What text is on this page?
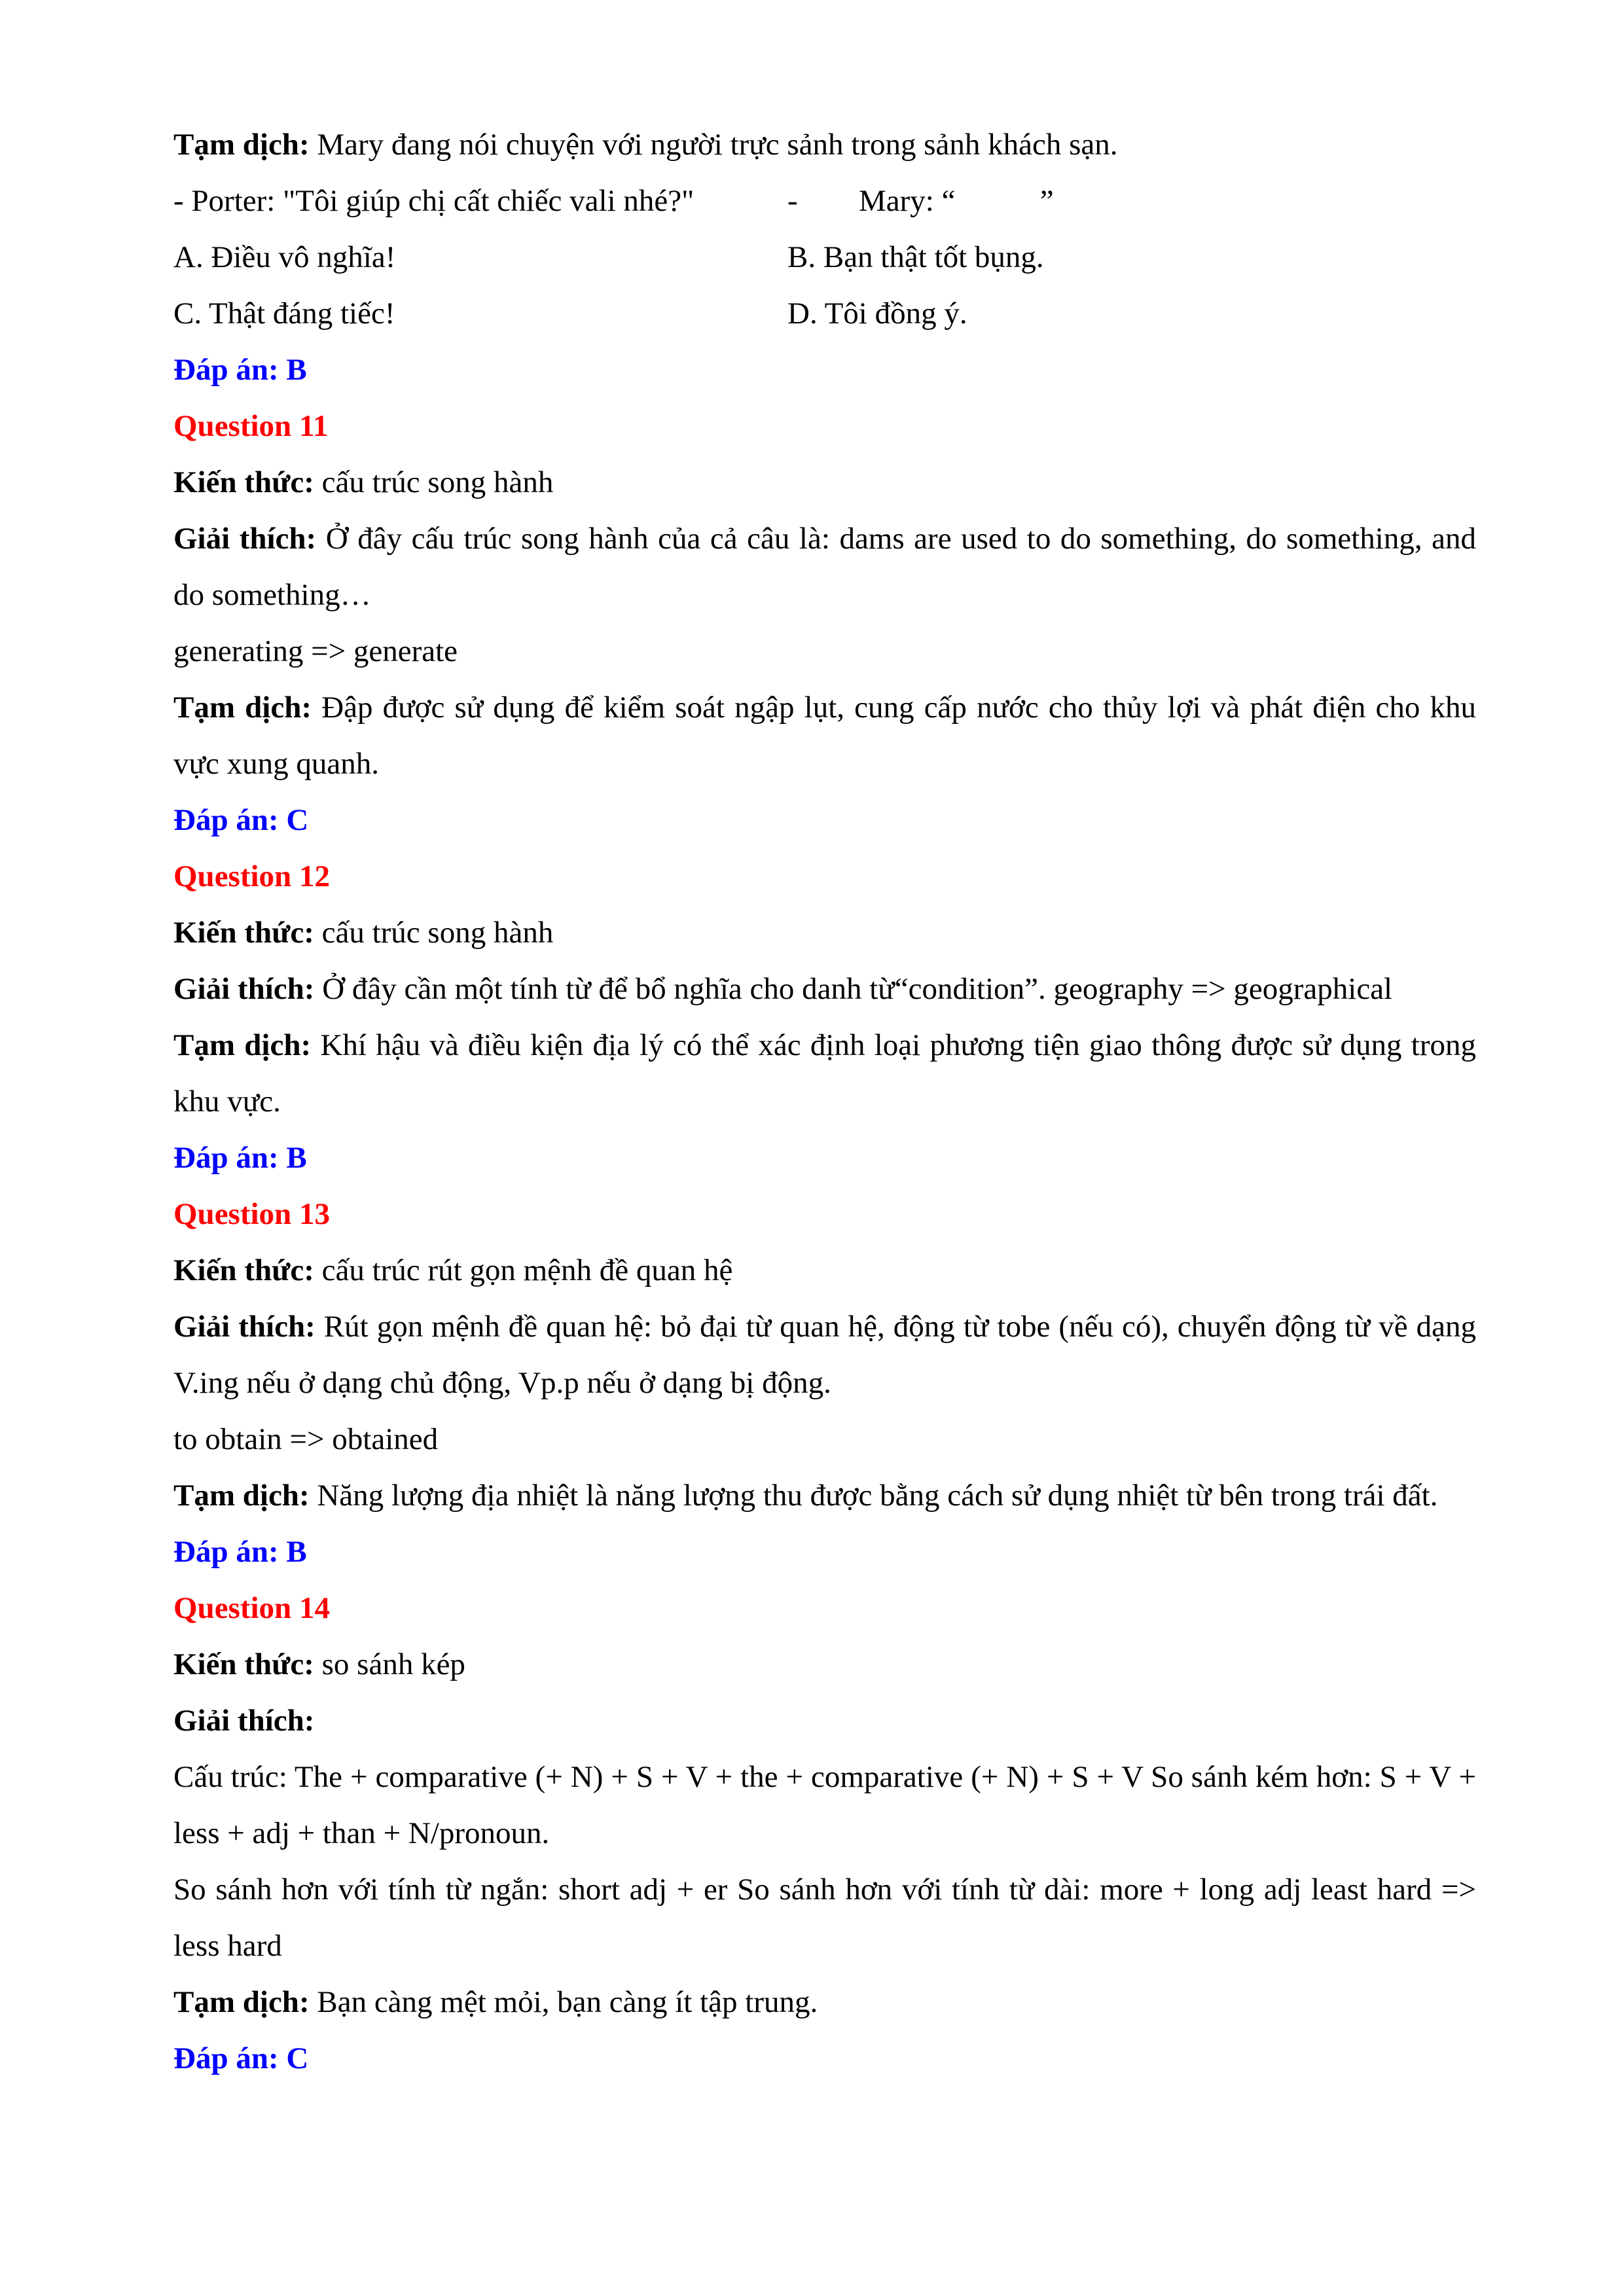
Tạm dịch: Mary đang nói chuyện với người trực sảnh trong sảnh khách sạn.
- Porter: "Tôi giúp chị cất chiếc vali nhé?"	- Mary: “           ”
A. Điều vô nghĩa!	B. Bạn thật tốt bụng.
C. Thật đáng tiếc!	D. Tôi đồng ý.
Đáp án: B
Question 11
Kiến thức: cấu trúc song hành
Giải thích: Ở đây cấu trúc song hành của cả câu là: dams are used to do something, do something, and do something…
generating => generate
Tạm dịch: Đập được sử dụng để kiểm soát ngập lụt, cung cấp nước cho thủy lợi và phát điện cho khu vực xung quanh.
Đáp án: C
Question 12
Kiến thức: cấu trúc song hành
Giải thích: Ở đây cần một tính từ để bổ nghĩa cho danh từ“condition”. geography => geographical
Tạm dịch: Khí hậu và điều kiện địa lý có thể xác định loại phương tiện giao thông được sử dụng trong khu vực.
Đáp án: B
Question 13
Kiến thức: cấu trúc rút gọn mệnh đề quan hệ
Giải thích: Rút gọn mệnh đề quan hệ: bỏ đại từ quan hệ, động từ tobe (nếu có), chuyển động từ về dạng V.ing nếu ở dạng chủ động, Vp.p nếu ở dạng bị động.
to obtain => obtained
Tạm dịch: Năng lượng địa nhiệt là năng lượng thu được bằng cách sử dụng nhiệt từ bên trong trái đất.
Đáp án: B
Question 14
Kiến thức: so sánh kép
Giải thích:
Cấu trúc: The + comparative (+ N) + S + V + the + comparative (+ N) + S + V So sánh kém hơn: S + V + less + adj + than + N/pronoun.
So sánh hơn với tính từ ngắn: short adj + er So sánh hơn với tính từ dài: more + long adj least hard => less hard
Tạm dịch: Bạn càng mệt mỏi, bạn càng ít tập trung.
Đáp án: C
